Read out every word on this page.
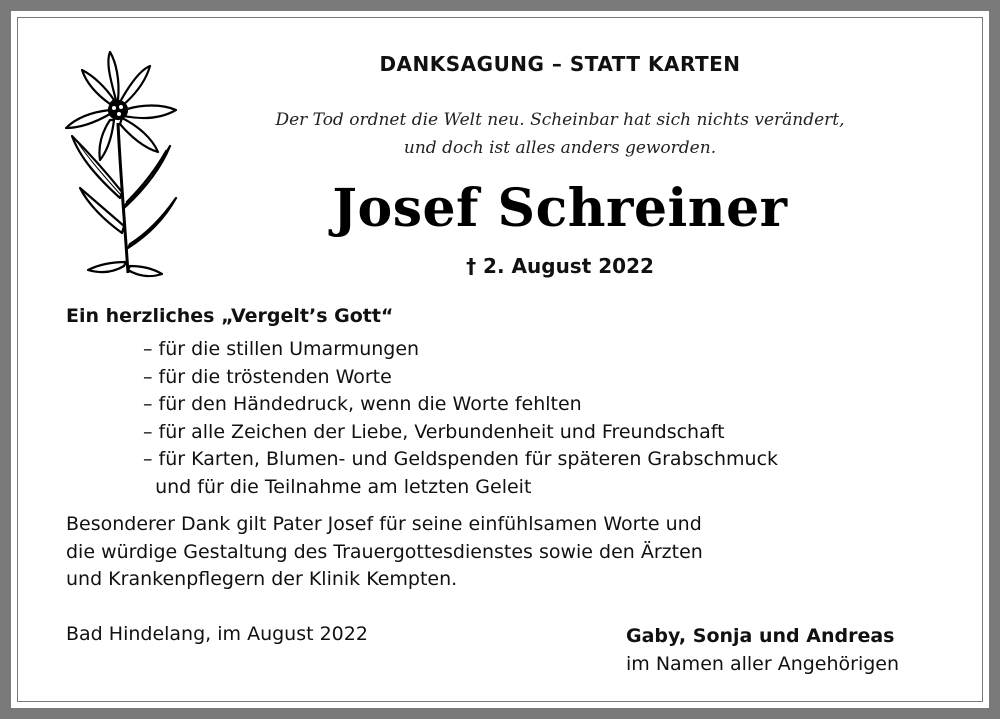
DANKSAGUNG – STATT KARTEN
Der Tod ordnet die Welt neu. Scheinbar hat sich nichts verändert,
und doch ist alles anders geworden.
Josef Schreiner
† 2. August 2022
Ein herzliches „Vergelt’s Gott“
– für die stillen Umarmungen
– für die tröstenden Worte
– für den Händedruck, wenn die Worte fehlten
– für alle Zeichen der Liebe, Verbundenheit und Freundschaft
– für Karten, Blumen- und Geldspenden für späteren Grabschmuck
und für die Teilnahme am letzten Geleit
Besonderer Dank gilt Pater Josef für seine einfühlsamen Worte und
die würdige Gestaltung des Trauergottesdienstes sowie den Ärzten
und Krankenpflegern der Klinik Kempten.
Bad Hindelang, im August 2022	Gaby, Sonja und Andreas
im Namen aller Angehörigen
